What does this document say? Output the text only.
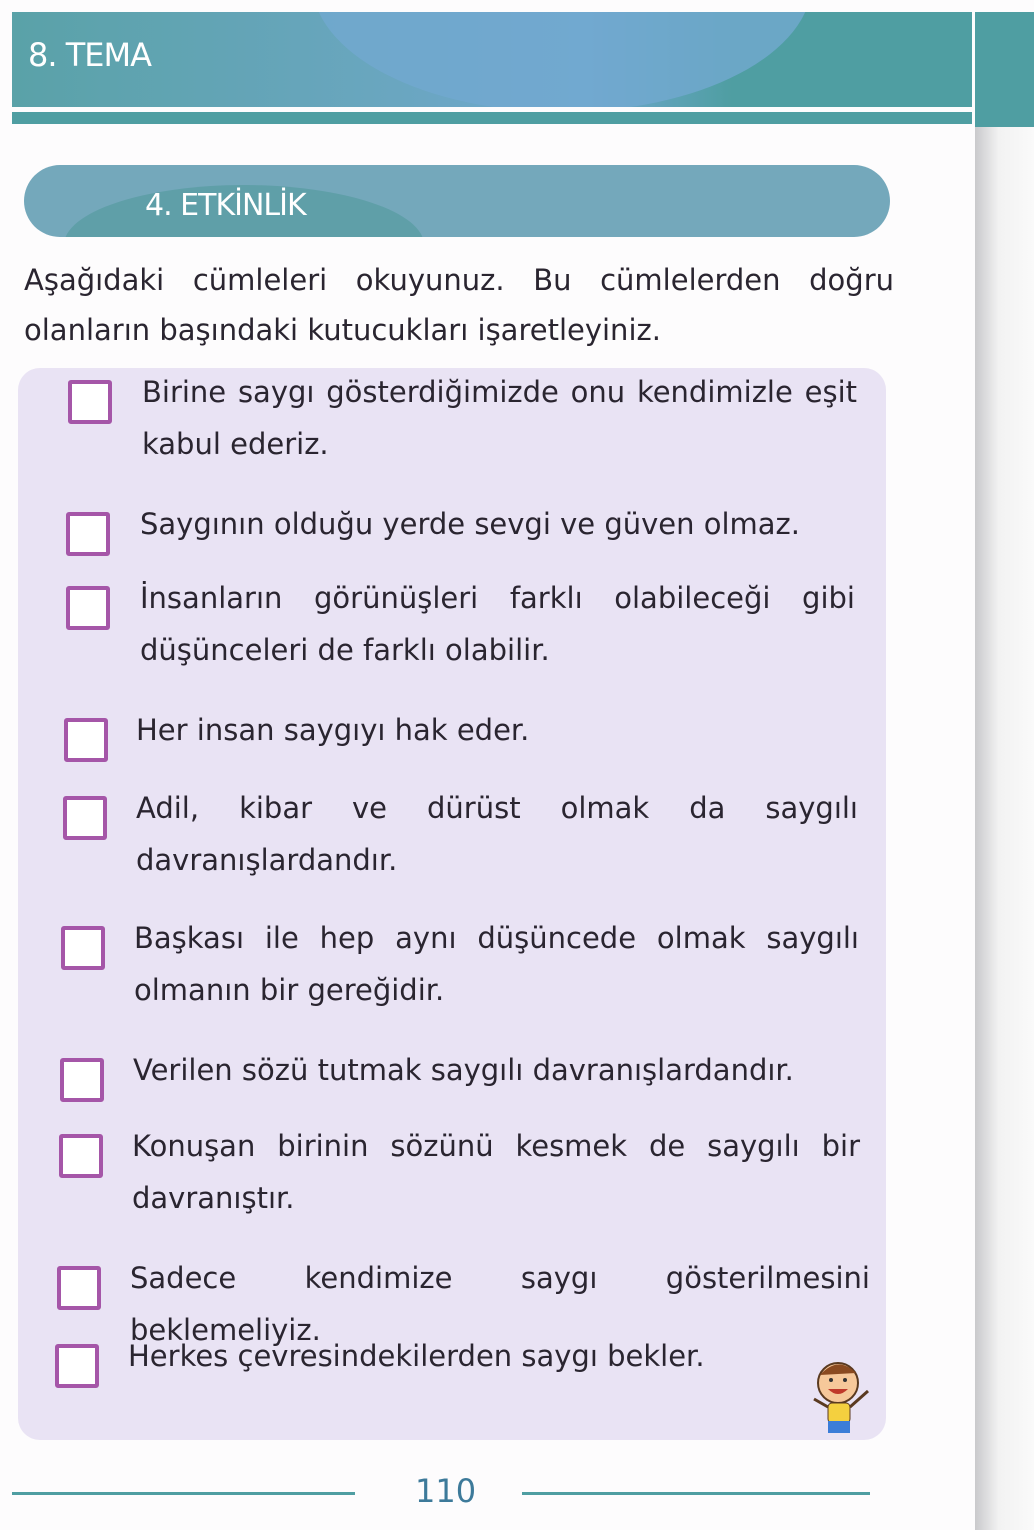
8. TEMA
4. ETKİNLİK
Aşağıdaki cümleleri okuyunuz. Bu cümlelerden doğru olanların başındaki kutucukları işaretleyiniz.
Birine saygı gösterdiğimizde onu kendimizle eşit kabul ederiz.
Saygının olduğu yerde sevgi ve güven olmaz.
İnsanların görünüşleri farklı olabileceği gibi düşünceleri de farklı olabilir.
Her insan saygıyı hak eder.
Adil, kibar ve dürüst olmak da saygılı davranışlardandır.
Başkası ile hep aynı düşüncede olmak saygılı olmanın bir gereğidir.
Verilen sözü tutmak saygılı davranışlardandır.
Konuşan birinin sözünü kesmek de saygılı bir davranıştır.
Sadece kendimize saygı gösterilmesini beklemeliyiz.
Herkes çevresindekilerden saygı bekler.
110
